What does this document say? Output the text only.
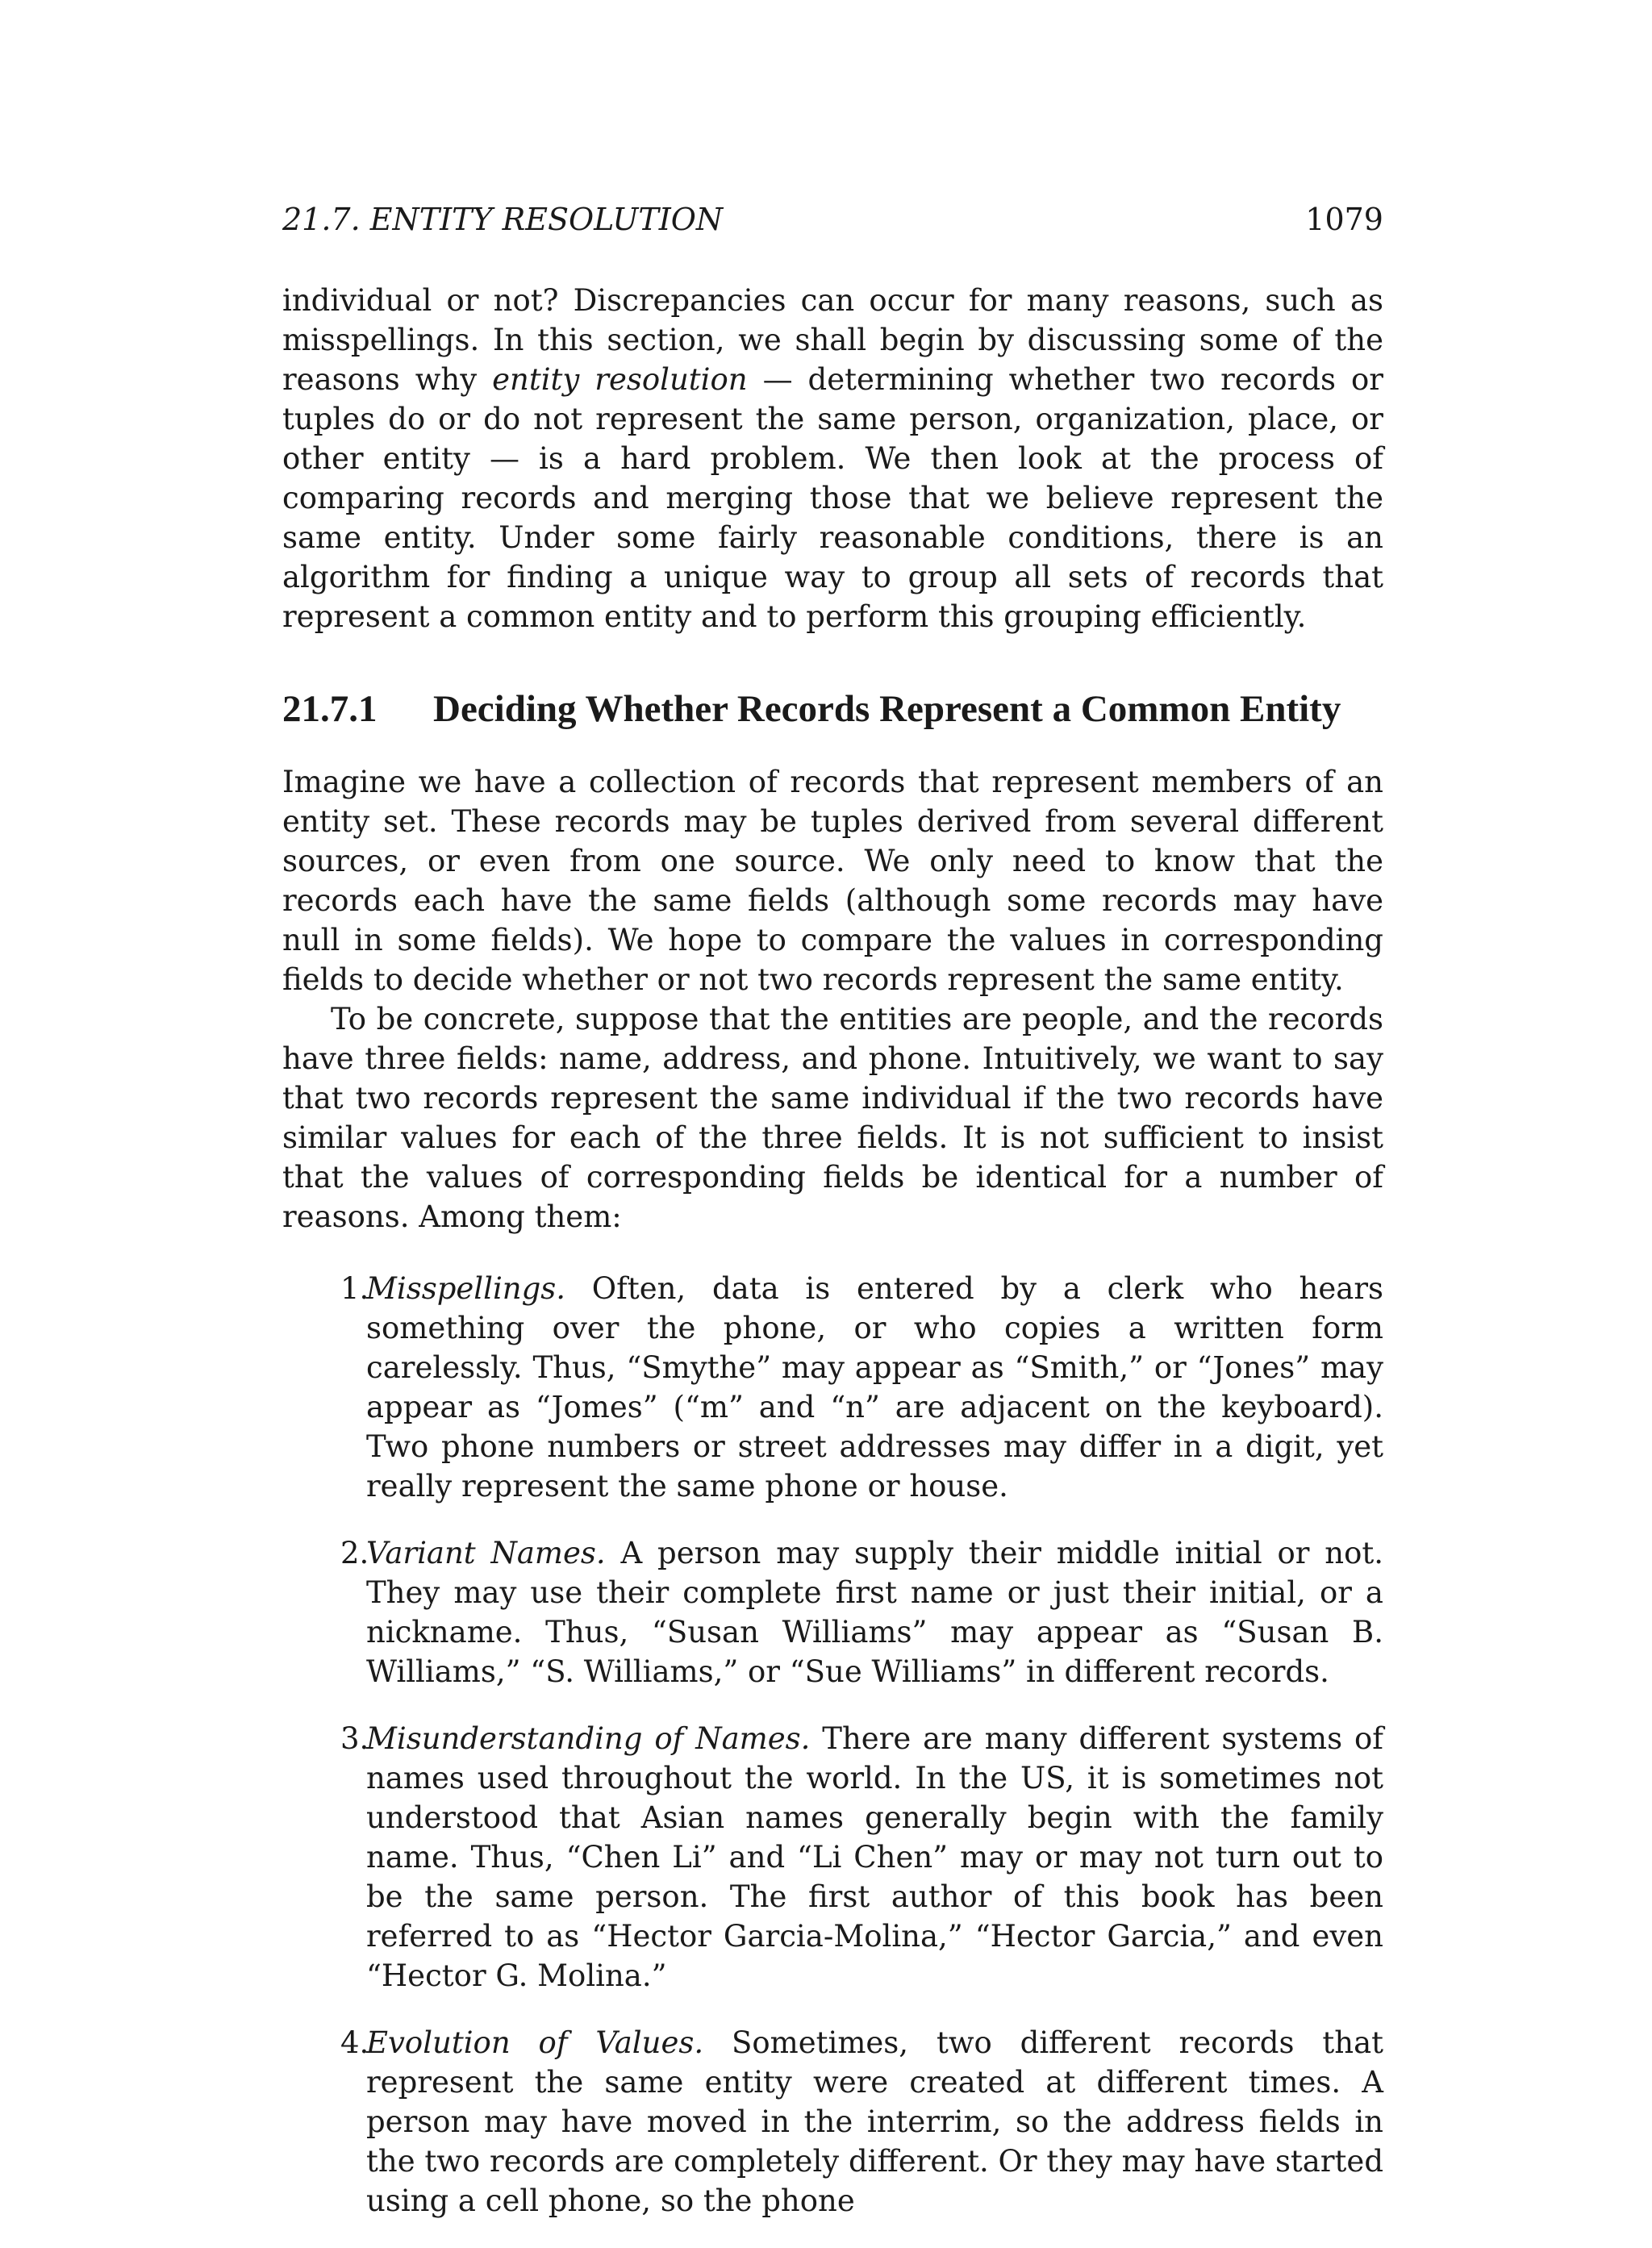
21.7. ENTITY RESOLUTION	1079

individual or not? Discrepancies can occur for many reasons, such as misspellings. In this section, we shall begin by discussing some of the reasons why entity resolution — determining whether two records or tuples do or do not represent the same person, organization, place, or other entity — is a hard problem. We then look at the process of comparing records and merging those that we believe represent the same entity. Under some fairly reasonable conditions, there is an algorithm for finding a unique way to group all sets of records that represent a common entity and to perform this grouping efficiently.

21.7.1	Deciding Whether Records Represent a Common Entity

Imagine we have a collection of records that represent members of an entity set. These records may be tuples derived from several different sources, or even from one source. We only need to know that the records each have the same fields (although some records may have null in some fields). We hope to compare the values in corresponding fields to decide whether or not two records represent the same entity.

To be concrete, suppose that the entities are people, and the records have three fields: name, address, and phone. Intuitively, we want to say that two records represent the same individual if the two records have similar values for each of the three fields. It is not sufficient to insist that the values of corresponding fields be identical for a number of reasons. Among them:

1.
Misspellings. Often, data is entered by a clerk who hears something over the phone, or who copies a written form carelessly. Thus, “Smythe” may appear as “Smith,” or “Jones” may appear as “Jomes” (“m” and “n” are adjacent on the keyboard). Two phone numbers or street addresses may differ in a digit, yet really represent the same phone or house.
2.
Variant Names. A person may supply their middle initial or not. They may use their complete first name or just their initial, or a nickname. Thus, “Susan Williams” may appear as “Susan B. Williams,” “S. Williams,” or “Sue Williams” in different records.
3.
Misunderstanding of Names. There are many different systems of names used throughout the world. In the US, it is sometimes not understood that Asian names generally begin with the family name. Thus, “Chen Li” and “Li Chen” may or may not turn out to be the same person. The first author of this book has been referred to as “Hector Garcia-Molina,” “Hector Garcia,” and even “Hector G. Molina.”
4.
Evolution of Values. Sometimes, two different records that represent the same entity were created at different times. A person may have moved in the interrim, so the address fields in the two records are completely different. Or they may have started using a cell phone, so the phone
